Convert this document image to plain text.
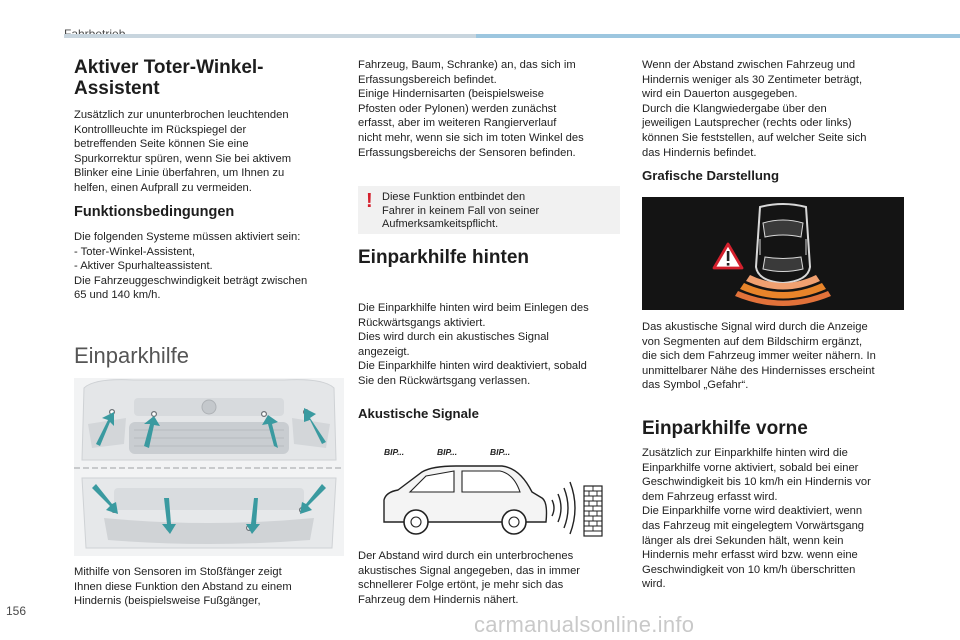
156
carmanualsonline.info
Aktiver Toter-Winkel-
Assistent

Zusätzlich zur ununterbrochen leuchtenden
Kontrollleuchte im Rückspiegel der
betreffenden Seite können Sie eine
Spurkorrektur spüren, wenn Sie bei aktivem
Blinker eine Linie überfahren, um Ihnen zu
helfen, einen Aufprall zu vermeiden.

Funktionsbedingungen

Die folgenden Systeme müssen aktiviert sein:
- Toter-Winkel-Assistent,
- Aktiver Spurhalteassistent.
Die Fahrzeuggeschwindigkeit beträgt zwischen
65 und 140 km/h.

Einparkhilfe

Mithilfe von Sensoren im Stoßfänger zeigt
Ihnen diese Funktion den Abstand zu einem
Hindernis (beispielsweise Fußgänger,

Fahrzeug, Baum, Schranke) an, das sich im
Erfassungsbereich befindet.
Einige Hindernisarten (beispielsweise
Pfosten oder Pylonen) werden zunächst
erfasst, aber im weiteren Rangierverlauf
nicht mehr, wenn sie sich im toten Winkel des
Erfassungsbereichs der Sensoren befinden.

! Diese Funktion entbindet den
Fahrer in keinem Fall von seiner
Aufmerksamkeitspflicht.

Einparkhilfe hinten

Die Einparkhilfe hinten wird beim Einlegen des
Rückwärtsgangs aktiviert.
Dies wird durch ein akustisches Signal
angezeigt.
Die Einparkhilfe hinten wird deaktiviert, sobald
Sie den Rückwärtsgang verlassen.

Akustische Signale
BIP...	BIP...	BIP...

Der Abstand wird durch ein unterbrochenes
akustisches Signal angegeben, das in immer
schnellerer Folge ertönt, je mehr sich das
Fahrzeug dem Hindernis nähert.

Wenn der Abstand zwischen Fahrzeug und
Hindernis weniger als 30 Zentimeter beträgt,
wird ein Dauerton ausgegeben.
Durch die Klangwiedergabe über den
jeweiligen Lautsprecher (rechts oder links)
können Sie feststellen, auf welcher Seite sich
das Hindernis befindet.

Grafische Darstellung

Das akustische Signal wird durch die Anzeige
von Segmenten auf dem Bildschirm ergänzt,
die sich dem Fahrzeug immer weiter nähern. In
unmittelbarer Nähe des Hindernisses erscheint
das Symbol „Gefahr“.

Einparkhilfe vorne

Zusätzlich zur Einparkhilfe hinten wird die
Einparkhilfe vorne aktiviert, sobald bei einer
Geschwindigkeit bis 10 km/h ein Hindernis vor
dem Fahrzeug erfasst wird.
Die Einparkhilfe vorne wird deaktiviert, wenn
das Fahrzeug mit eingelegtem Vorwärtsgang
länger als drei Sekunden hält, wenn kein
Hindernis mehr erfasst wird bzw. wenn eine
Geschwindigkeit von 10 km/h überschritten
wird.
